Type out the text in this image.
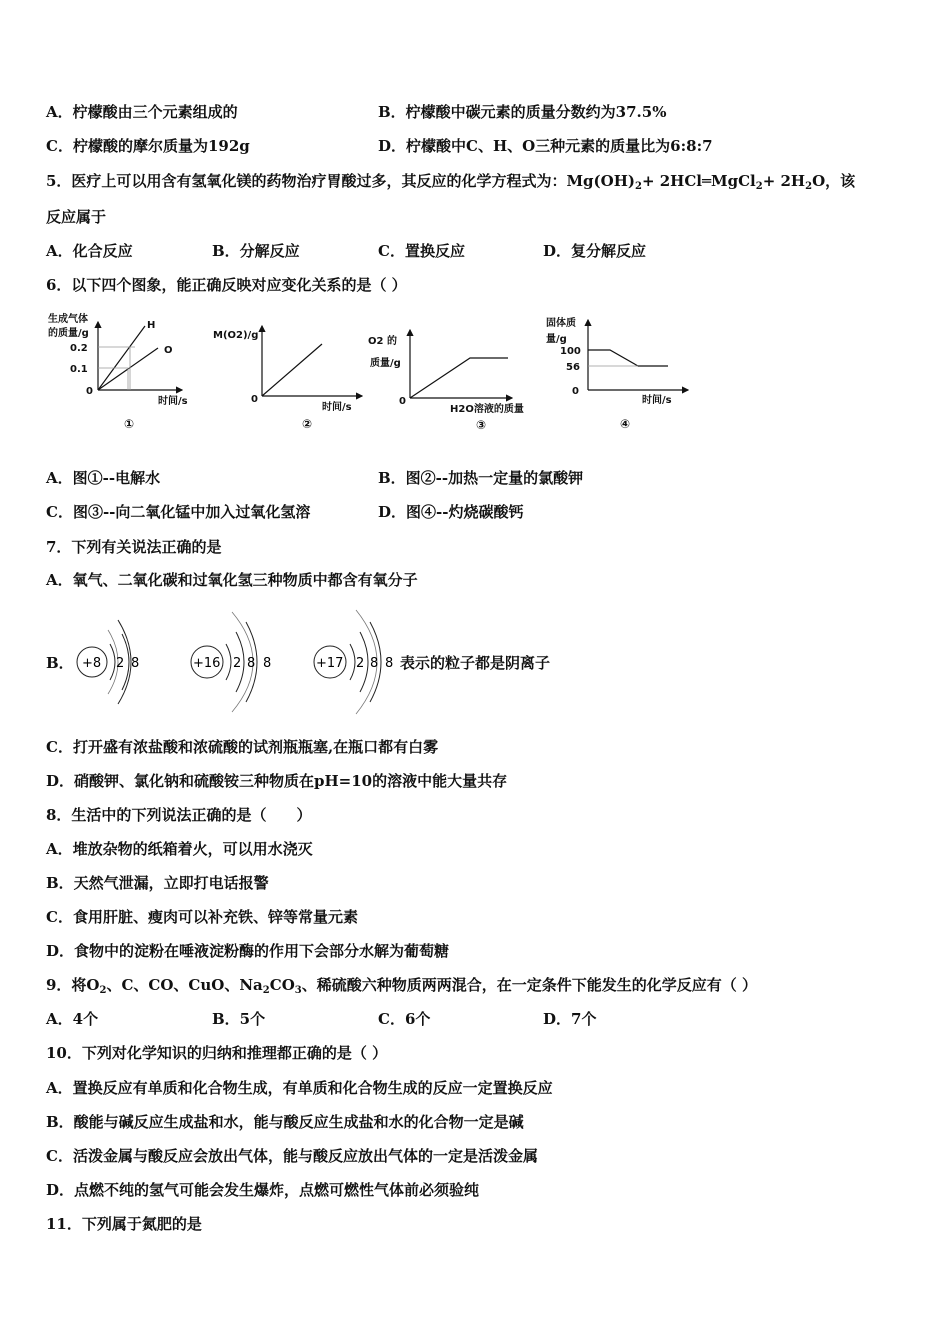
A．柠檬酸由三个元素组成的	B．柠檬酸中碳元素的质量分数约为37.5%
C．柠檬酸的摩尔质量为192g	D．柠檬酸中C、H、O三种元素的质量比为6:8:7
5．医疗上可以用含有氢氧化镁的药物治疗胃酸过多，其反应的化学方程式为：$Mg(OH)_2+$ 2HCl═MgCl$_2$+ $2H_2O$，该
反应属于
A．化合反应	B．分解反应	C．置换反应	D．复分解反应
6．以下四个图象，能正确反映对应变化关系的是（ ）
生成气体
的质量/g
0.2
0.1
0
H
O
时间/s
①
M(O2)/g
0
时间/s
②
O2 的
质量/g
0
H2O溶液的质量
③
固体质
量/g
100
56
0
时间/s
④
A．图①--电解水	B．图②--加热一定量的氯酸钾
C．图③--向二氧化锰中加入过氧化氢溶	D．图④--灼烧碳酸钙
7．下列有关说法正确的是
A．氧气、二氧化碳和过氧化氢三种物质中都含有氧分子
B． +8 2 8	+16 2 8 8	+17 2 8 8 表示的粒子都是阴离子
C．打开盛有浓盐酸和浓硫酸的试剂瓶瓶塞,在瓶口都有白雾
D．硝酸钾、氯化钠和硫酸铵三种物质在pH=10的溶液中能大量共存
8．生活中的下列说法正确的是（　　）
A．堆放杂物的纸箱着火，可以用水浇灭
B．天然气泄漏，立即打电话报警
C．食用肝脏、瘦肉可以补充铁、锌等常量元素
D．食物中的淀粉在唾液淀粉酶的作用下会部分水解为葡萄糖
9．将$O_2$、C、CO、CuO、$Na_2CO_3$、稀硫酸六种物质两两混合，在一定条件下能发生的化学反应有（ ）
A．4个	B．5个	C．6个	D．7个
10．下列对化学知识的归纳和推理都正确的是（ ）
A．置换反应有单质和化合物生成，有单质和化合物生成的反应一定置换反应
B．酸能与碱反应生成盐和水，能与酸反应生成盐和水的化合物一定是碱
C．活泼金属与酸反应会放出气体，能与酸反应放出气体的一定是活泼金属
D．点燃不纯的氢气可能会发生爆炸，点燃可燃性气体前必须验纯
11．下列属于氮肥的是
